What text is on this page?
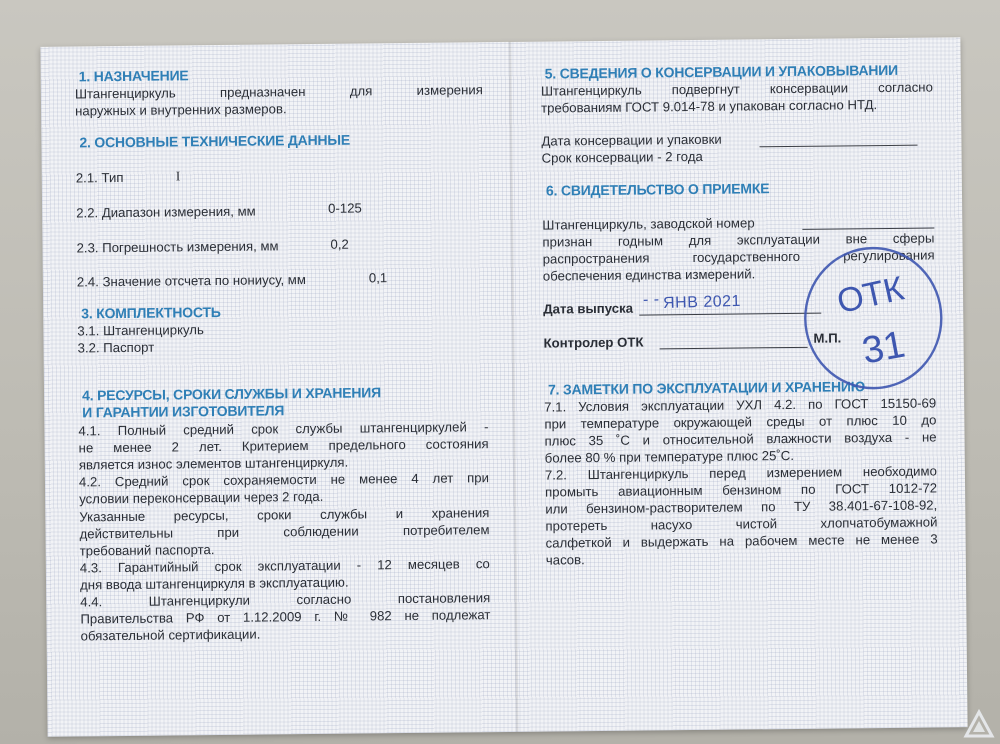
1. НАЗНАЧЕНИЕ
Штангенциркуль предназначен для измерения
наружных и внутренних размеров.
2. ОСНОВНЫЕ ТЕХНИЧЕСКИЕ ДАННЫЕ
2.1. Тип	I
2.2. Диапазон измерения, мм	0-125
2.3. Погрешность измерения, мм	0,2
2.4. Значение отсчета по нониусу, мм	0,1
3. КОМПЛЕКТНОСТЬ
3.1. Штангенциркуль
3.2. Паспорт
4. РЕСУРСЫ, СРОКИ СЛУЖБЫ И ХРАНЕНИЯ
И ГАРАНТИИ ИЗГОТОВИТЕЛЯ
4.1. Полный средний срок службы штангенциркулей -
не менее 2 лет. Критерием предельного состояния
является износ элементов штангенциркуля.
4.2. Средний срок сохраняемости не менее 4 лет при
условии переконсервации через 2 года.
Указанные ресурсы, сроки службы и хранения
действительны при соблюдении потребителем
требований паспорта.
4.3. Гарантийный срок эксплуатации - 12 месяцев со
дня ввода штангенциркуля в эксплуатацию.
4.4. Штангенциркули согласно постановления
Правительства РФ от 1.12.2009 г. № 982 не подлежат
обязательной сертификации.
5. СВЕДЕНИЯ О КОНСЕРВАЦИИ И УПАКОВЫВАНИИ
Штангенциркуль подвергнут консервации согласно
требованиям ГОСТ 9.014-78 и упакован согласно НТД.
Дата консервации и упаковки
Срок консервации - 2 года
6. СВИДЕТЕЛЬСТВО О ПРИЕМКЕ
Штангенциркуль, заводской номер
признан годным для эксплуатации вне сферы
распространения государственного регулирования
обеспечения единства измерений.
Дата выпуска
- - ЯНВ 2021
Контролер ОТК	М.П.
7. ЗАМЕТКИ ПО ЭКСПЛУАТАЦИИ И ХРАНЕНИЮ
7.1. Условия эксплуатации УХЛ 4.2. по ГОСТ 15150-69
при температуре окружающей среды от плюс 10 до
плюс 35 ˚С и относительной влажности воздуха - не
более 80 % при температуре плюс 25˚С.
7.2. Штангенциркуль перед измерением необходимо
промыть авиационным бензином по ГОСТ 1012-72
или бензином-растворителем по ТУ 38.401-67-108-92,
протереть насухо чистой хлопчатобумажной
салфеткой и выдержать на рабочем месте не менее 3
часов.
ОТК
31
